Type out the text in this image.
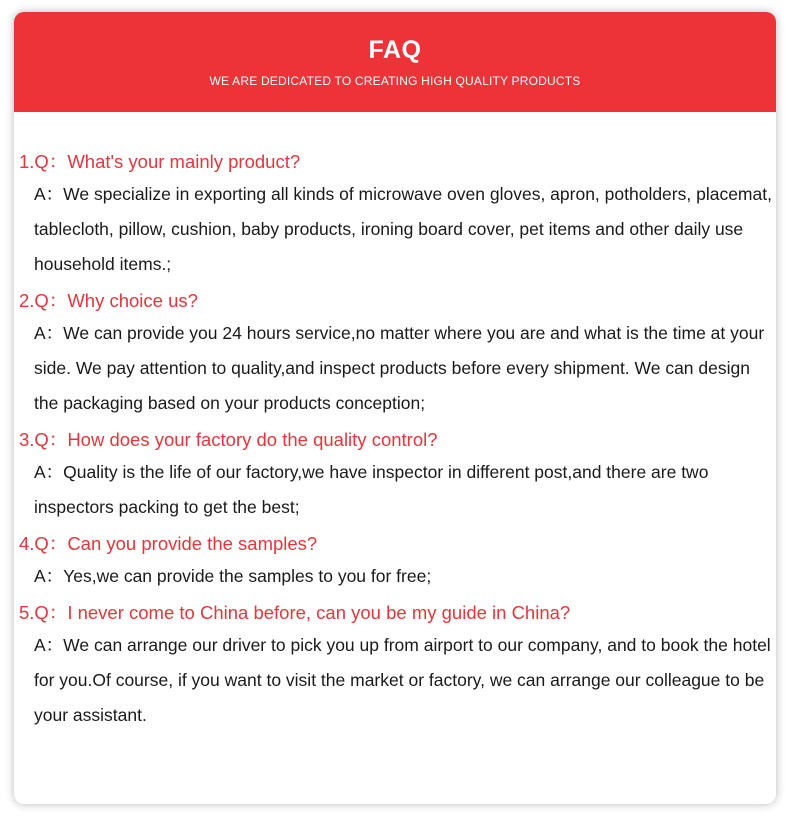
FAQ
WE ARE DEDICATED TO CREATING HIGH QUALITY PRODUCTS
1.Q：What's your mainly product?
A：We specialize in exporting all kinds of microwave oven gloves, apron, potholders, placemat, tablecloth, pillow, cushion, baby products, ironing board cover, pet items and other daily use household items.;
2.Q：Why choice us?
A：We can provide you 24 hours service,no matter where you are and what is the time at your side. We pay attention to quality,and inspect products before every shipment. We can design the packaging based on your products conception;
3.Q：How does your factory do the quality control?
A：Quality is the life of our factory,we have inspector in different post,and there are two inspectors packing to get the best;
4.Q：Can you provide the samples?
A：Yes,we can provide the samples to you for free;
5.Q：I never come to China before, can you be my guide in China?
A：We can arrange our driver to pick you up from airport to our company, and to book the hotel for you.Of course, if you want to visit the market or factory, we can arrange our colleague to be your assistant.
